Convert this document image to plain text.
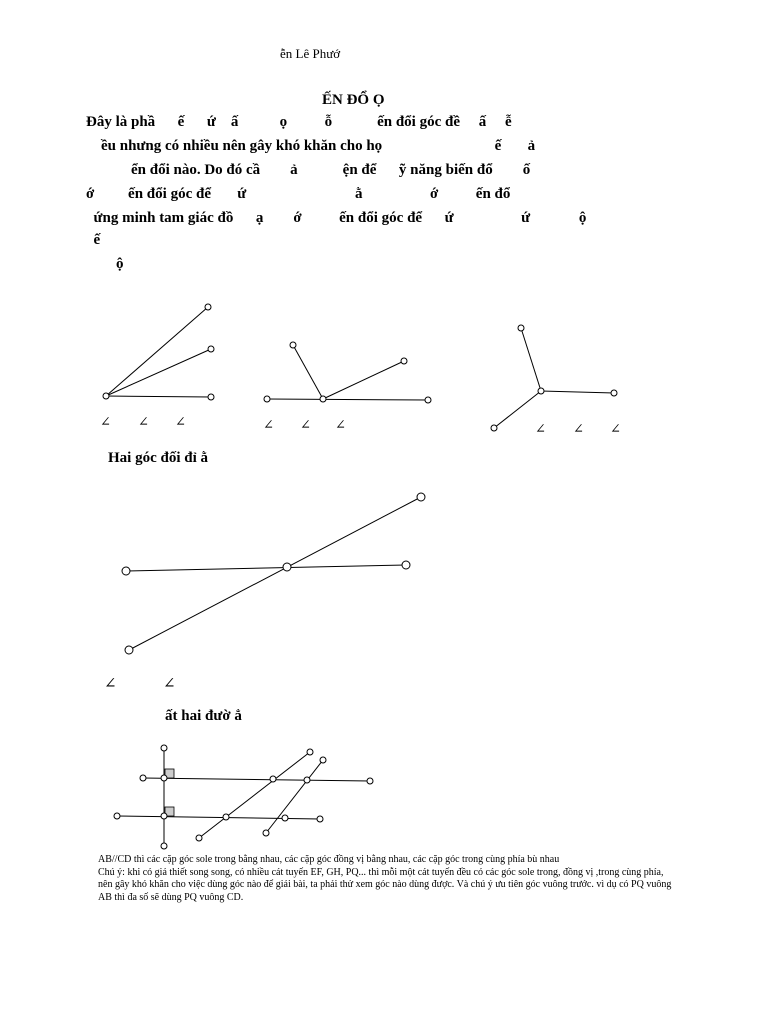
ễn Lê Phướ
ẾN ĐỔ Ọ
Đây là phầ      ế      ứ    ấ           ọ          ỗ            ến đổi góc đề     ấ     ễ
ều nhưng có nhiều nên gây khó khăn cho họ                              ế       ả
ển đổi nào. Do đó cầ        ả            ện để      ỹ năng biến đổ        ố
ớ         ến đổi góc để       ứ                             ằ                  ớ          ến đổ
ứng minh tam giác đồ      ạ        ớ          ến đổi góc để      ứ                  ứ             ộ
ế
ộ
∠ ∠ ∠	∠ ∠ ∠	∠ ∠ ∠
Hai góc đối đỉ ằ
∠	∠
ất hai đườ ẳ
AB//CD thì các cặp góc sole trong bằng nhau, các cặp góc đồng vị bằng nhau, các cặp góc trong cùng phía bù nhau
Chú ý: khi có giả thiết song song, có nhiều cát tuyến EF, GH, PQ... thì mỗi một cát tuyến đều có các góc sole trong, đồng vị ,trong cùng phía, nên gây khó khăn cho việc dùng góc nào để giải bài, ta phải thử xem góc nào dùng được. Và chú ý ưu tiên góc vuông trước. vì dụ có PQ vuông AB thì đa số sẽ dùng PQ vuông CD.
